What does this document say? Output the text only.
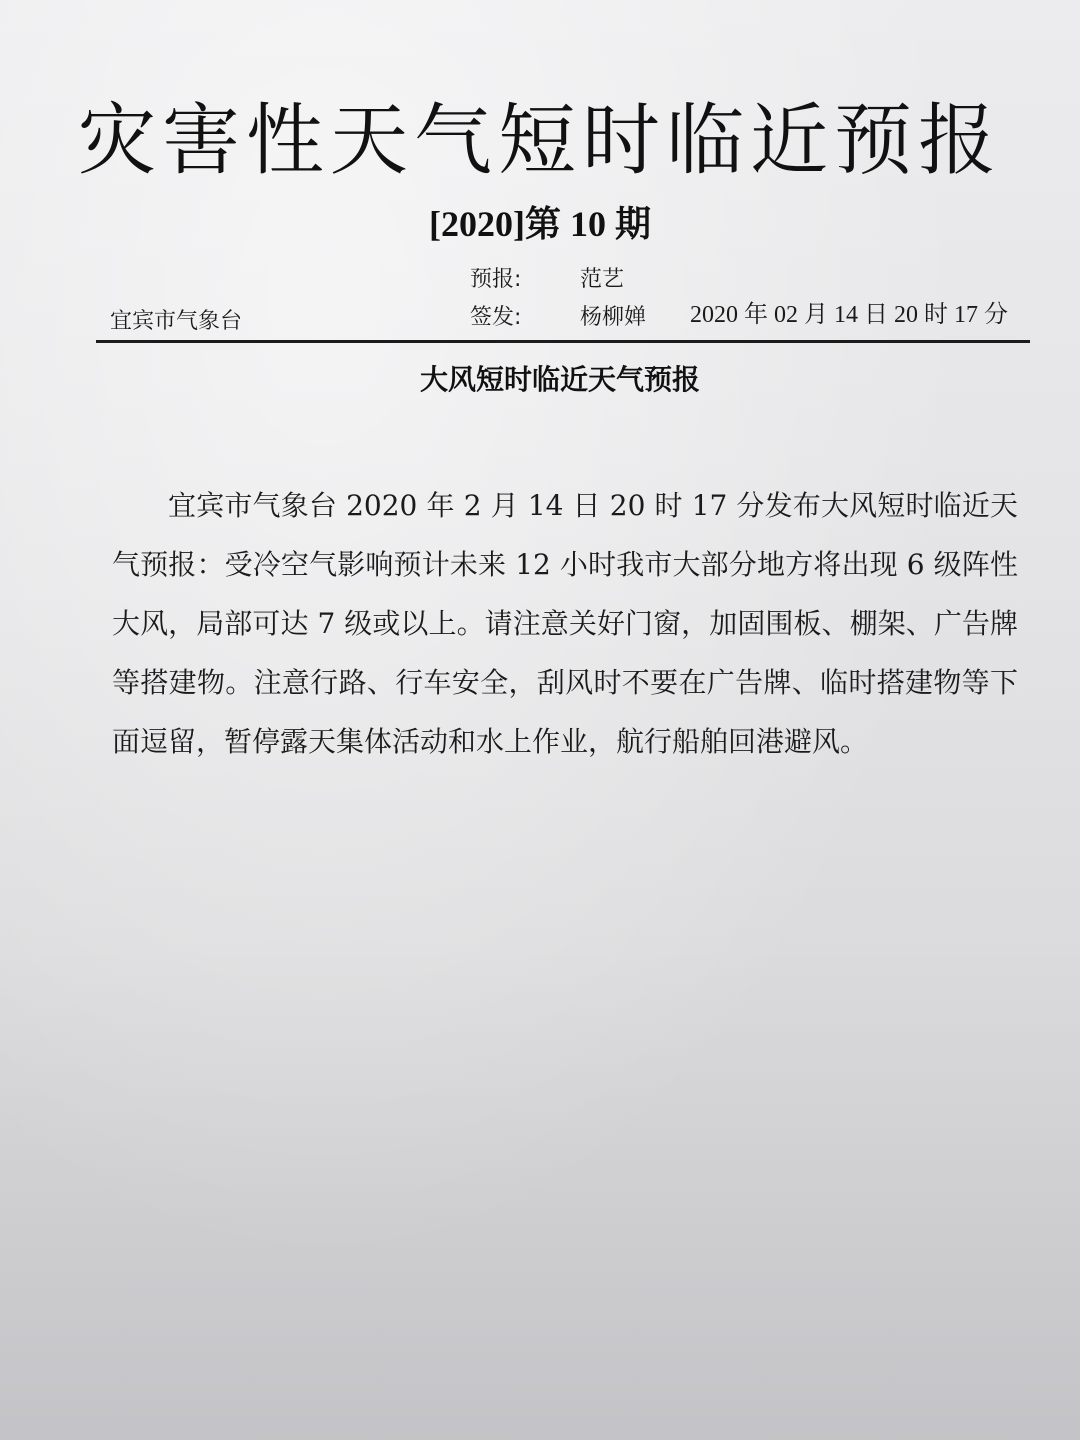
灾害性天气短时临近预报
[2020]第 10 期
预报:	范艺
宜宾市气象台	签发:	杨柳婵 2020 年 02 月 14 日 20 时 17 分
大风短时临近天气预报
宜宾市气象台 2020 年 2 月 14 日 20 时 17 分发布大风短时临近天气预报：受冷空气影响预计未来 12 小时我市大部分地方将出现 6 级阵性大风，局部可达 7 级或以上。请注意关好门窗，加固围板、棚架、广告牌等搭建物。注意行路、行车安全，刮风时不要在广告牌、临时搭建物等下面逗留，暂停露天集体活动和水上作业，航行船舶回港避风。
